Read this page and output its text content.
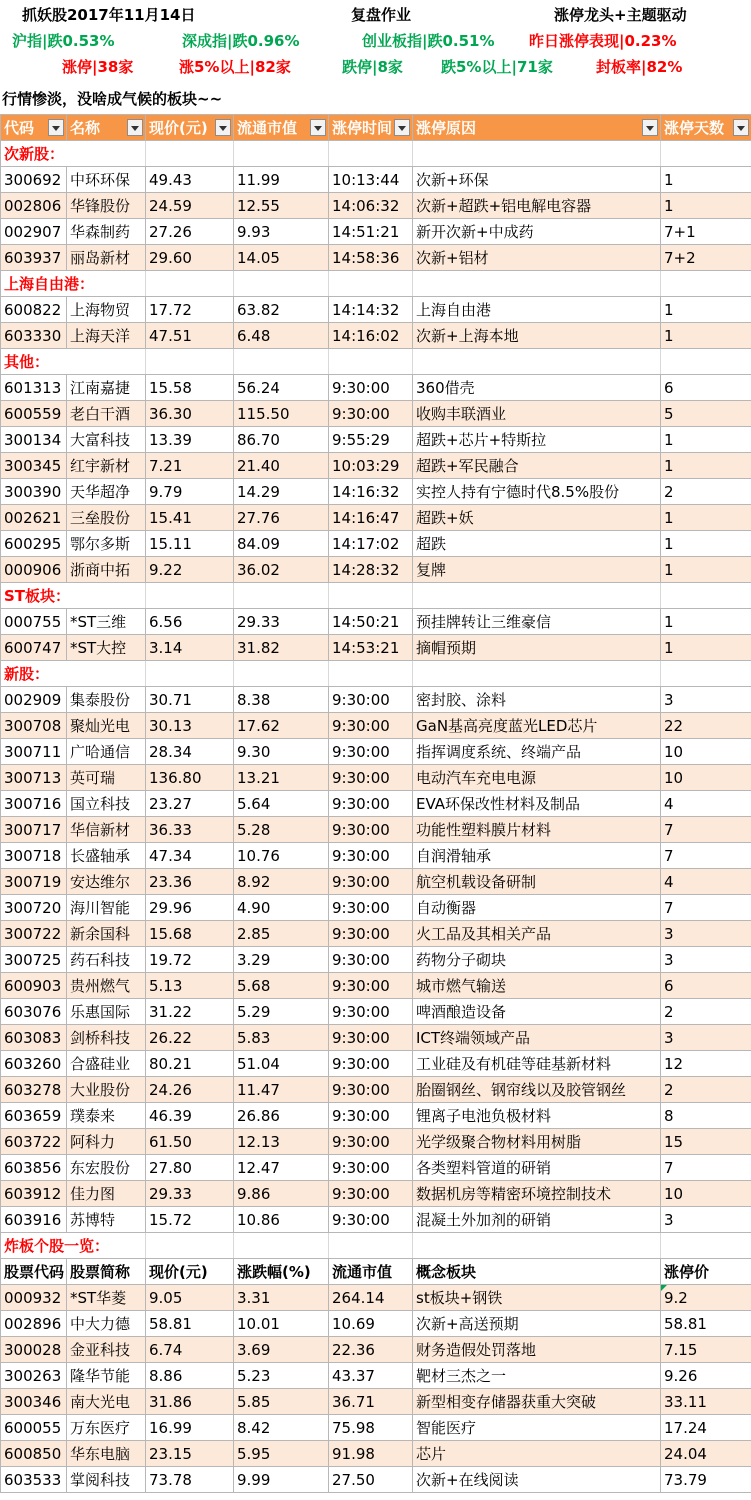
抓妖股2017年11月14日	复盘作业	涨停龙头+主题驱动
沪指|跌0.53%	深成指|跌0.96%	创业板指|跌0.51% 昨日涨停表现|0.23%
涨停|38家	涨5%以上|82家	跌停|8家	跌5%以上|71家	封板率|82%
行情惨淡，没啥成气候的板块~~
代码	名称	现价(元)	流通市值	涨停时间	涨停原因	涨停天数

次新股：						
300692	中环环保	49.43	11.99	10:13:44	次新+环保	1
002806	华锋股份	24.59	12.55	14:06:32	次新+超跌+铝电解电容器	1
002907	华森制药	27.26	9.93	14:51:21	新开次新+中成药	7+1
603937	丽岛新材	29.60	14.05	14:58:36	次新+铝材	7+2
上海自由港：						
600822	上海物贸	17.72	63.82	14:14:32	上海自由港	1
603330	上海天洋	47.51	6.48	14:16:02	次新+上海本地	1
其他：						
601313	江南嘉捷	15.58	56.24	9:30:00	360借壳	6
600559	老白干酒	36.30	115.50	9:30:00	收购丰联酒业	5
300134	大富科技	13.39	86.70	9:55:29	超跌+芯片+特斯拉	1
300345	红宇新材	7.21	21.40	10:03:29	超跌+军民融合	1
300390	天华超净	9.79	14.29	14:16:32	实控人持有宁德时代8.5%股份	2
002621	三垒股份	15.41	27.76	14:16:47	超跌+妖	1
600295	鄂尔多斯	15.11	84.09	14:17:02	超跌	1
000906	浙商中拓	9.22	36.02	14:28:32	复牌	1
ST板块：						
000755	*ST三维	6.56	29.33	14:50:21	预挂牌转让三维豪信	1
600747	*ST大控	3.14	31.82	14:53:21	摘帽预期	1
新股：						
002909	集泰股份	30.71	8.38	9:30:00	密封胶、涂料	3
300708	聚灿光电	30.13	17.62	9:30:00	GaN基高亮度蓝光LED芯片	22
300711	广哈通信	28.34	9.30	9:30:00	指挥调度系统、终端产品	10
300713	英可瑞	136.80	13.21	9:30:00	电动汽车充电电源	10
300716	国立科技	23.27	5.64	9:30:00	EVA环保改性材料及制品	4
300717	华信新材	36.33	5.28	9:30:00	功能性塑料膜片材料	7
300718	长盛轴承	47.34	10.76	9:30:00	自润滑轴承	7
300719	安达维尔	23.36	8.92	9:30:00	航空机载设备研制	4
300720	海川智能	29.96	4.90	9:30:00	自动衡器	7
300722	新余国科	15.68	2.85	9:30:00	火工品及其相关产品	3
300725	药石科技	19.72	3.29	9:30:00	药物分子砌块	3
600903	贵州燃气	5.13	5.68	9:30:00	城市燃气输送	6
603076	乐惠国际	31.22	5.29	9:30:00	啤酒酿造设备	2
603083	剑桥科技	26.22	5.83	9:30:00	ICT终端领域产品	3
603260	合盛硅业	80.21	51.04	9:30:00	工业硅及有机硅等硅基新材料	12
603278	大业股份	24.26	11.47	9:30:00	胎圈钢丝、钢帘线以及胶管钢丝	2
603659	璞泰来	46.39	26.86	9:30:00	锂离子电池负极材料	8
603722	阿科力	61.50	12.13	9:30:00	光学级聚合物材料用树脂	15
603856	东宏股份	27.80	12.47	9:30:00	各类塑料管道的研销	7
603912	佳力图	29.33	9.86	9:30:00	数据机房等精密环境控制技术	10
603916	苏博特	15.72	10.86	9:30:00	混凝土外加剂的研销	3
炸板个股一览：						
股票代码	股票简称	现价(元)	涨跌幅(%)	流通市值	概念板块	涨停价
000932	*ST华菱	9.05	3.31	264.14	st板块+钢铁	9.2
002896	中大力德	58.81	10.01	10.69	次新+高送预期	58.81
300028	金亚科技	6.74	3.69	22.36	财务造假处罚落地	7.15
300263	隆华节能	8.86	5.23	43.37	靶材三杰之一	9.26
300346	南大光电	31.86	5.85	36.71	新型相变存储器获重大突破	33.11
600055	万东医疗	16.99	8.42	75.98	智能医疗	17.24
600850	华东电脑	23.15	5.95	91.98	芯片	24.04
603533	掌阅科技	73.78	9.99	27.50	次新+在线阅读	73.79
